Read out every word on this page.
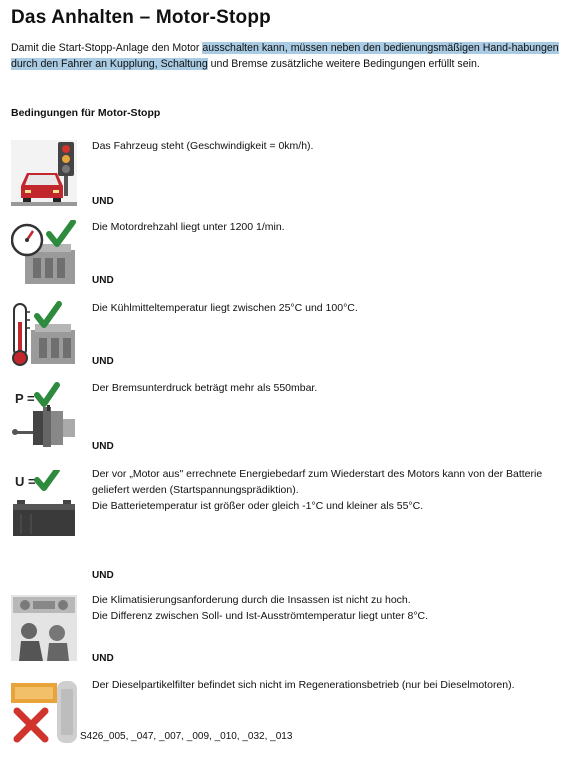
Das Anhalten – Motor-Stopp
Damit die Start-Stopp-Anlage den Motor ausschalten kann, müssen neben den bedienungsmäßigen Hand-habungen durch den Fahrer an Kupplung, Schaltung und Bremse zusätzliche weitere Bedingungen erfüllt sein.
Bedingungen für Motor-Stopp
Das Fahrzeug steht (Geschwindigkeit = 0km/h).
UND
Die Motordrehzahl liegt unter 1200 1/min.
UND
Die Kühlmitteltemperatur liegt zwischen 25°C und 100°C.
UND
P =
Der Bremsunterdruck beträgt mehr als 550mbar.
UND
U =	Der vor „Motor aus" errechnete Energiebedarf zum Wiederstart des Motors kann von der Batterie
geliefert werden (Startspannungsprädiktion).
Die Batterietemperatur ist größer oder gleich -1°C und kleiner als 55°C.
UND
Die Klimatisierungsanforderung durch die Insassen ist nicht zu hoch.
Die Differenz zwischen Soll- und Ist-Ausströmtemperatur liegt unter 8°C.
UND
Der Dieselpartikelfilter befindet sich nicht im Regenerationsbetrieb (nur bei Dieselmotoren).
S426_005, _047, _007, _009, _010, _032, _013
